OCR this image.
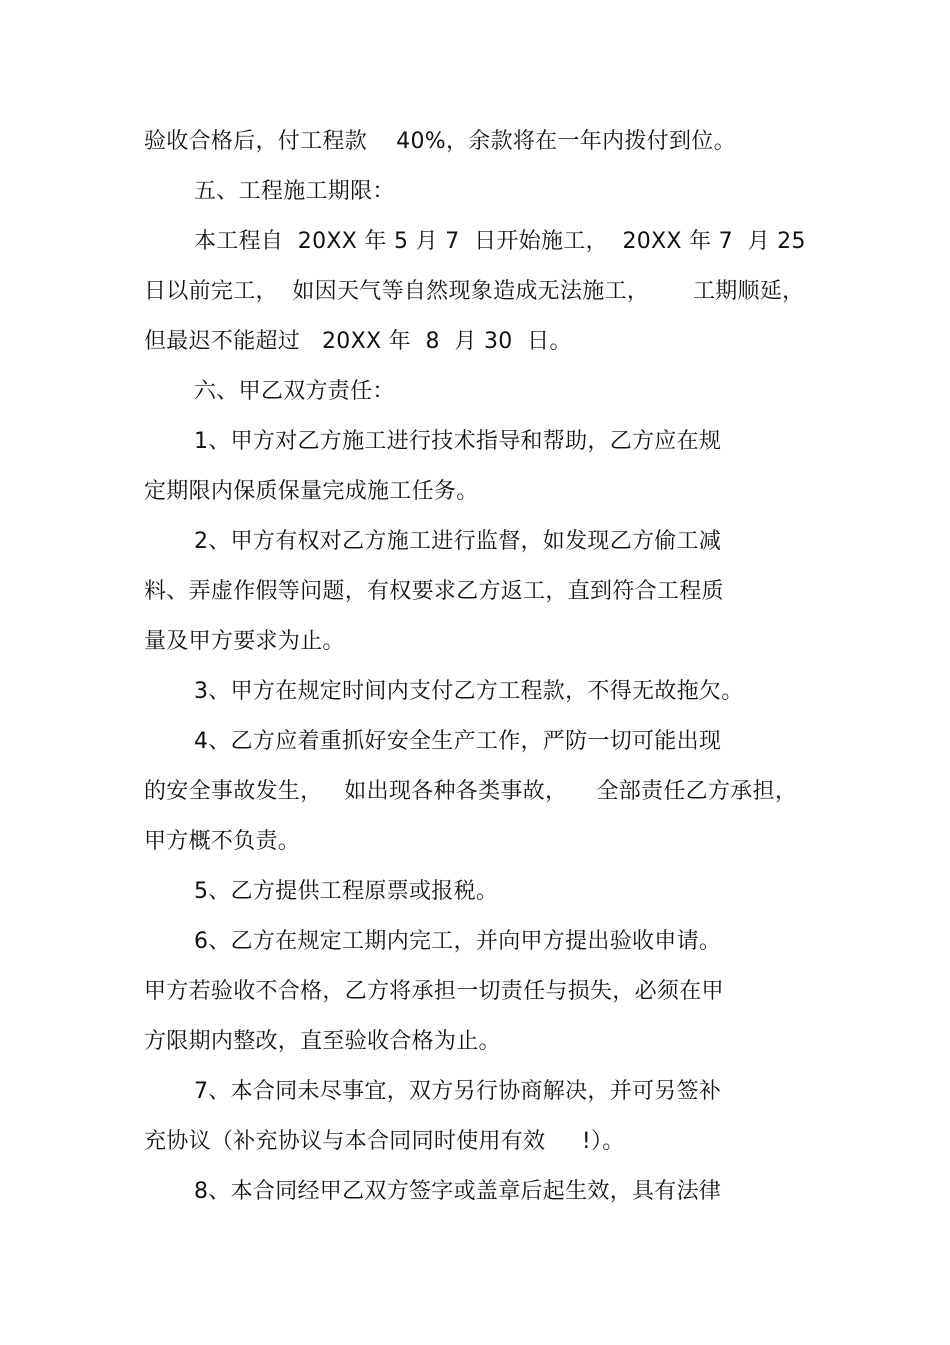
验收合格后，付工程款    40%，余款将在一年内拨付到位。
五、工程施工期限：
本工程自  20XX 年 5 月 7  日开始施工，  20XX 年 7  月 25
日以前完工，  如因天气等自然现象造成无法施工，      工期顺延，
但最迟不能超过   20XX 年  8  月 30  日。
六、甲乙双方责任：
1、甲方对乙方施工进行技术指导和帮助，乙方应在规
定期限内保质保量完成施工任务。
2、甲方有权对乙方施工进行监督，如发现乙方偷工减
料、弄虚作假等问题，有权要求乙方返工，直到符合工程质
量及甲方要求为止。
3、甲方在规定时间内支付乙方工程款，不得无故拖欠。
4、乙方应着重抓好安全生产工作，严防一切可能出现
的安全事故发生，   如出现各种各类事故，    全部责任乙方承担，
甲方概不负责。
5、乙方提供工程原票或报税。
6、乙方在规定工期内完工，并向甲方提出验收申请。
甲方若验收不合格，乙方将承担一切责任与损失，必须在甲
方限期内整改，直至验收合格为止。
7、本合同未尽事宜，双方另行协商解决，并可另签补
充协议（补充协议与本合同同时使用有效     !）。
8、本合同经甲乙双方签字或盖章后起生效，具有法律
